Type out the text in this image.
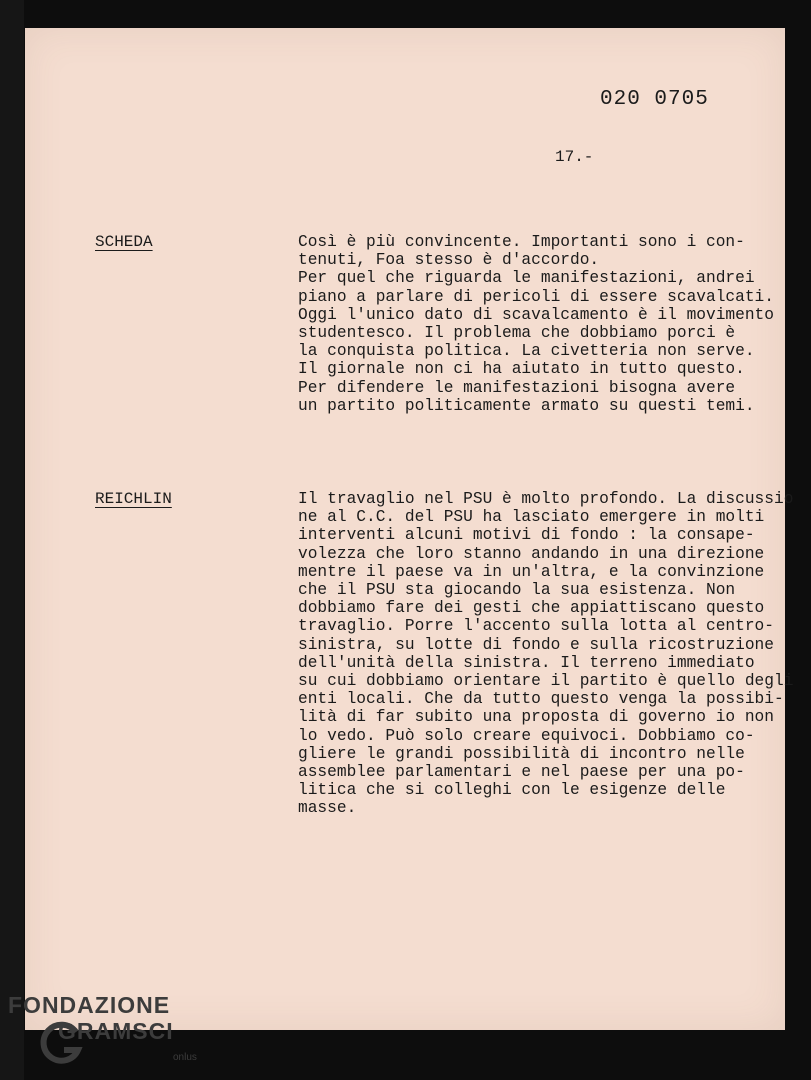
020 0705
17.-
SCHEDA	Così è più convincente. Importanti sono i con-
tenuti, Foa stesso è d'accordo.
Per quel che riguarda le manifestazioni, andrei
piano a parlare di pericoli di essere scavalcati.
Oggi l'unico dato di scavalcamento è il movimento
studentesco. Il problema che dobbiamo porci è
la conquista politica. La civetteria non serve.
Il giornale non ci ha aiutato in tutto questo.
Per difendere le manifestazioni bisogna avere
un partito politicamente armato su questi temi.
REICHLIN	Il travaglio nel PSU è molto profondo. La discussio
ne al C.C. del PSU ha lasciato emergere in molti
interventi alcuni motivi di fondo : la consape-
volezza che loro stanno andando in una direzione
mentre il paese va in un'altra, e la convinzione
che il PSU sta giocando la sua esistenza. Non
dobbiamo fare dei gesti che appiattiscano questo
travaglio. Porre l'accento sulla lotta al centro-
sinistra, su lotte di fondo e sulla ricostruzione
dell'unità della sinistra. Il terreno immediato
su cui dobbiamo orientare il partito è quello degli
enti locali. Che da tutto questo venga la possibi-
lità di far subito una proposta di governo io non
lo vedo. Può solo creare equivoci. Dobbiamo co-
gliere le grandi possibilità di incontro nelle
assemblee parlamentari e nel paese per una po-
litica che si colleghi con le esigenze delle
masse.
FONDAZIONE
GRAMSCI
onlus
